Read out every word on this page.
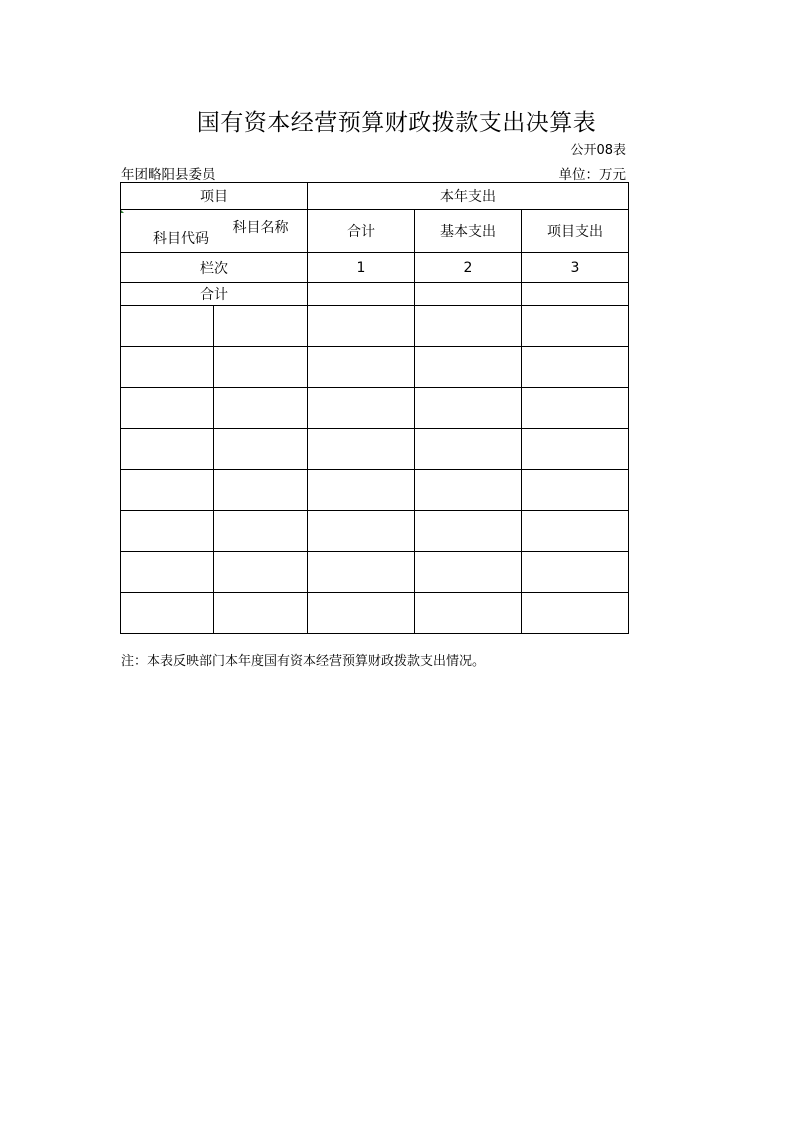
国有资本经营预算财政拨款支出决算表
公开08表
年团略阳县委员	单位：万元
项目		本年支出		

科目代码	科目名称	合计	基本支出	项目支出
栏次		1	2	3
合计				

注：本表反映部门本年度国有资本经营预算财政拨款支出情况。
